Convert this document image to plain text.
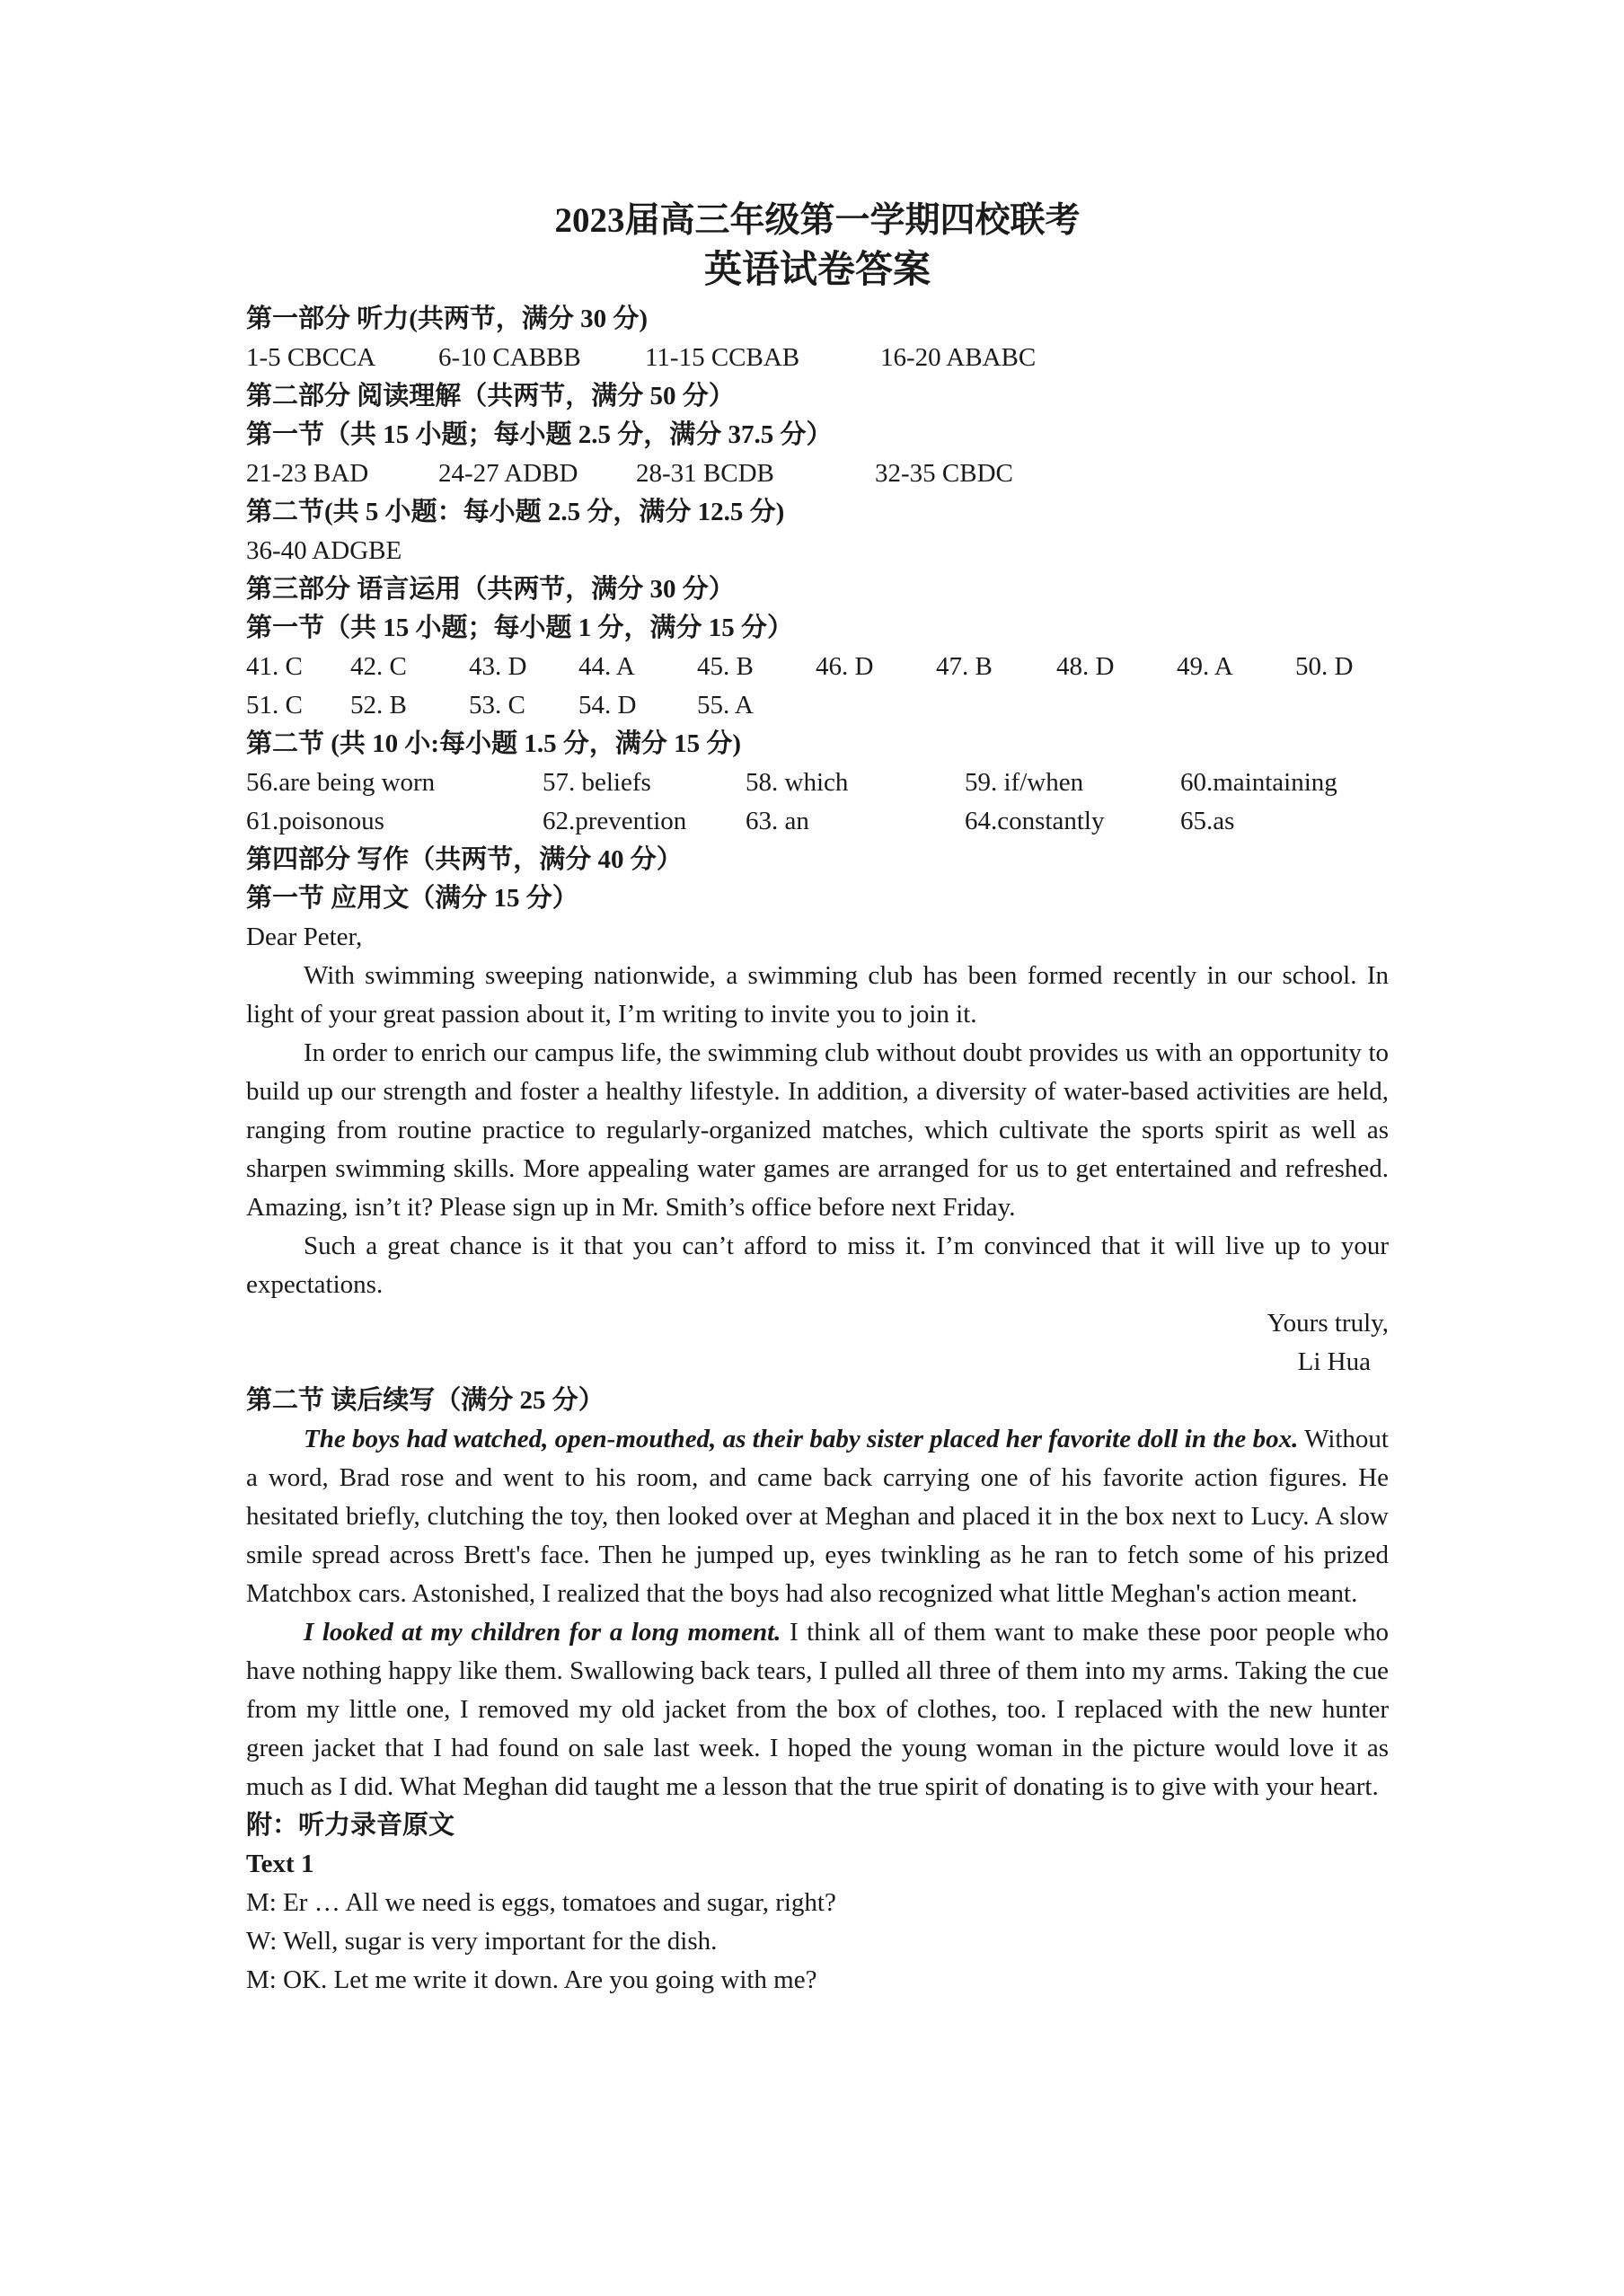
2023届高三年级第一学期四校联考
英语试卷答案
第一部分 听力(共两节，满分 30 分)
1-5 CBCCA 6-10 CABBB 11-15 CCBAB	16-20 ABABC
第二部分 阅读理解（共两节，满分 50 分）
第一节（共 15 小题；每小题 2.5 分，满分 37.5 分）
21-23 BAD	24-27 ADBD 28-31 BCDB	32-35 CBDC
第二节(共 5 小题：每小题 2.5 分，满分 12.5 分)
36-40 ADGBE
第三部分 语言运用（共两节，满分 30 分）
第一节（共 15 小题；每小题 1 分，满分 15 分）
41. C 42. C 43. D 44. A 45. B 46. D 47. B 48. D 49. A 50. D
51. C 52. B 53. C 54. D 55. A
第二节 (共 10 小:每小题 1.5 分，满分 15 分)
56.are being worn	57. beliefs	58. which	59. if/when	60.maintaining
61.poisonous	62.prevention 63. an	64.constantly	65.as
第四部分 写作（共两节，满分 40 分）
第一节 应用文（满分 15 分）
Dear Peter,
With swimming sweeping nationwide, a swimming club has been formed recently in our school. In light of your great passion about it, I’m writing to invite you to join it.
In order to enrich our campus life, the swimming club without doubt provides us with an opportunity to build up our strength and foster a healthy lifestyle. In addition, a diversity of water-based activities are held, ranging from routine practice to regularly-organized matches, which cultivate the sports spirit as well as sharpen swimming skills. More appealing water games are arranged for us to get entertained and refreshed. Amazing, isn’t it? Please sign up in Mr. Smith’s office before next Friday.
Such a great chance is it that you can’t afford to miss it. I’m convinced that it will live up to your expectations.
Yours truly,
Li Hua
第二节 读后续写（满分 25 分）
The boys had watched, open-mouthed, as their baby sister placed her favorite doll in the box. Without a word, Brad rose and went to his room, and came back carrying one of his favorite action figures. He hesitated briefly, clutching the toy, then looked over at Meghan and placed it in the box next to Lucy. A slow smile spread across Brett's face. Then he jumped up, eyes twinkling as he ran to fetch some of his prized Matchbox cars. Astonished, I realized that the boys had also recognized what little Meghan's action meant.
I looked at my children for a long moment. I think all of them want to make these poor people who have nothing happy like them. Swallowing back tears, I pulled all three of them into my arms. Taking the cue from my little one, I removed my old jacket from the box of clothes, too. I replaced with the new hunter green jacket that I had found on sale last week. I hoped the young woman in the picture would love it as much as I did. What Meghan did taught me a lesson that the true spirit of donating is to give with your heart.
附：听力录音原文
Text 1
M: Er … All we need is eggs, tomatoes and sugar, right?
W: Well, sugar is very important for the dish.
M: OK. Let me write it down. Are you going with me?
